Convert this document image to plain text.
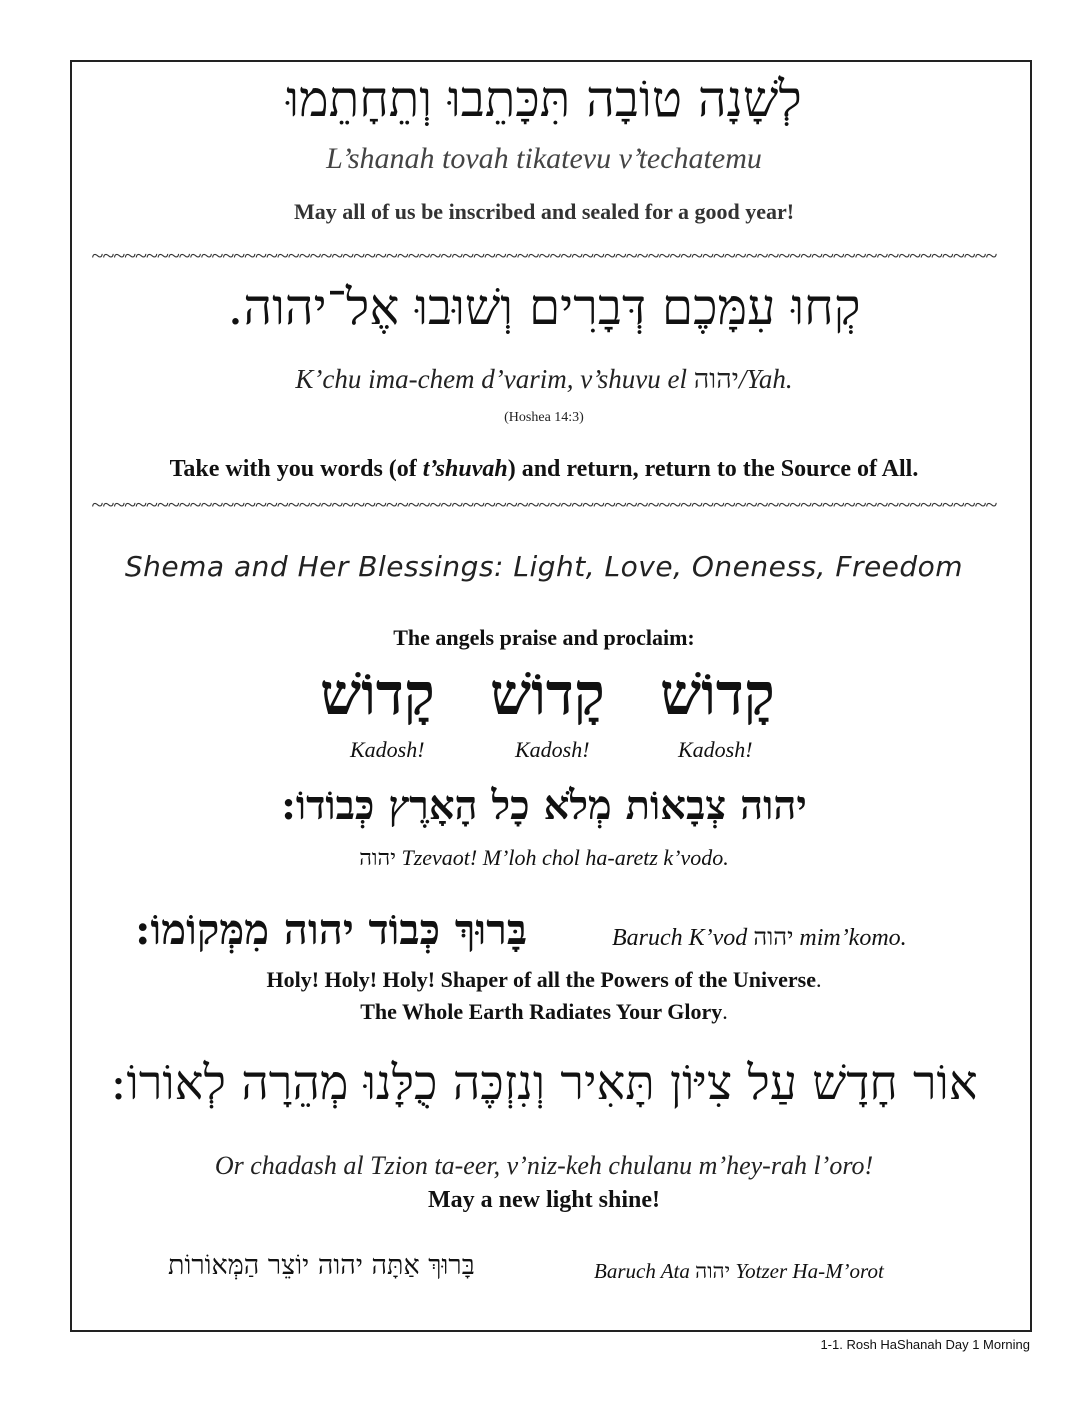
לְשָׁנָה טוֹבָה תִּכָּתֵבוּ וְתֵחָתֵמוּ
L’shanah tovah tikatevu v’techatemu
May all of us be inscribed and sealed for a good year!
~~~~~~~~~~~~~~~~~~~~~~~~~~~~~~~~~~~~~~~~~~~~~~~~~~~~~~~~~~~~~~~~~~~~~~~~~~~~~~~~~~~
קְחוּ עִמָּכֶם דְּבָרִים וְשׁוּבוּ אֶל־יהוה.
K’chu ima-chem d’varim, v’shuvu el יהוה/Yah.
(Hoshea 14:3)
Take with you words (of t’shuvah) and return, return to the Source of All.
~~~~~~~~~~~~~~~~~~~~~~~~~~~~~~~~~~~~~~~~~~~~~~~~~~~~~~~~~~~~~~~~~~~~~~~~~~~~~~~~~~~
Shema and Her Blessings: Light, Love, Oneness, Freedom
The angels praise and proclaim:
קָדוֹשׁ קָדוֹשׁ קָדוֹשׁ
Kadosh!	Kadosh!	Kadosh!
יהוה צְבָאוֹת מְלֹא כָל הָאָרֶץ כְּבוֹדוֹ:
יהוה Tzevaot! M’loh chol ha-aretz k’vodo.
בָּרוּךְ כְּבוֹד יהוה מִמְּקוֹמוֹ:	Baruch K’vod יהוה mim’komo.
Holy! Holy! Holy! Shaper of all the Powers of the Universe.
The Whole Earth Radiates Your Glory.
אוֹר חָדָשׁ עַל צִיּוֹן תָּאִיר וְנִזְכֶּה כֻלָּנוּ מְהֵרָה לְאוֹרוֹ:
Or chadash al Tzion ta-eer, v’niz-keh chulanu m’hey-rah l’oro!
May a new light shine!
בָּרוּךְ אַתָּה יהוה יוֹצֵר הַמְּאוֹרוֹת	Baruch Ata יהוה Yotzer Ha-M’orot
1-1. Rosh HaShanah Day 1 Morning
